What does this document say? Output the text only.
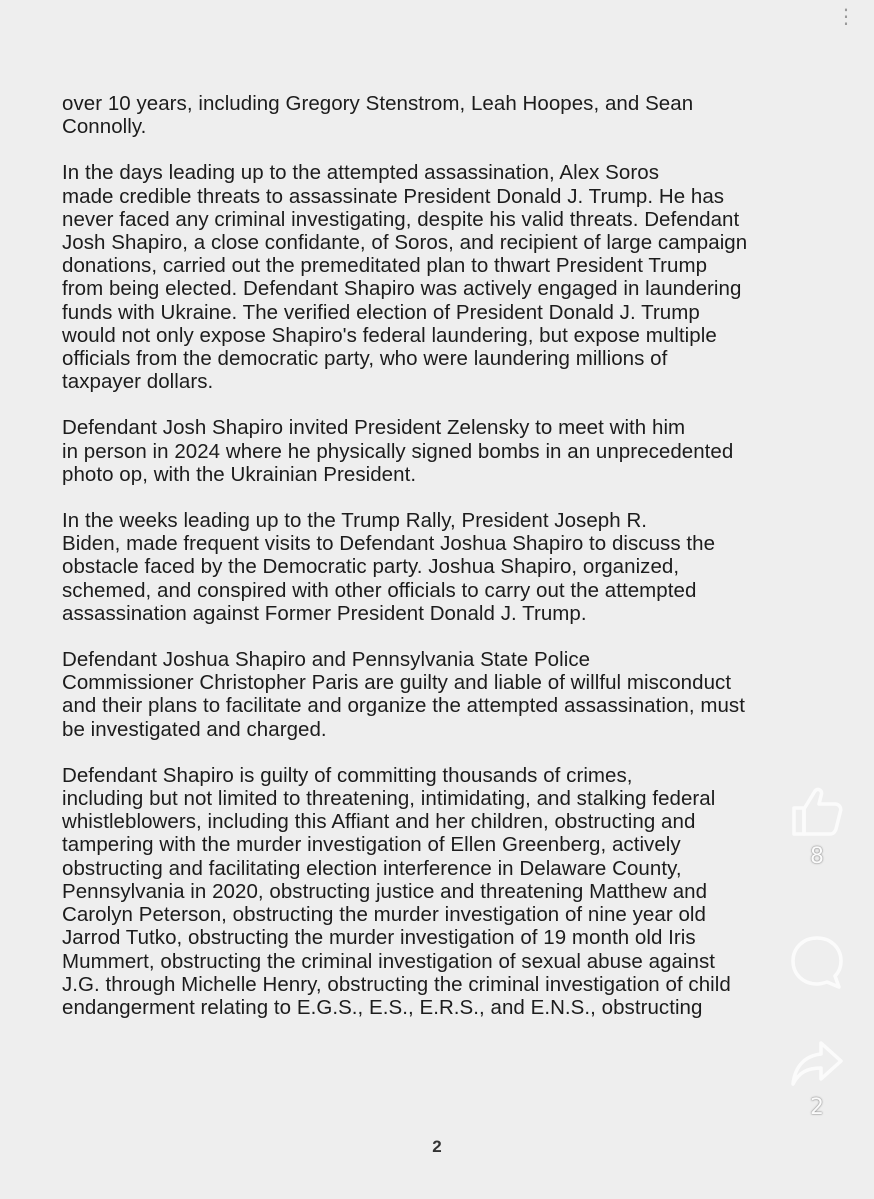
⋮

over 10 years, including Gregory Stenstrom, Leah Hoopes, and Sean
Connolly.

In the days leading up to the attempted assassination, Alex Soros
made credible threats to assassinate President Donald J. Trump. He has
never faced any criminal investigating, despite his valid threats. Defendant
Josh Shapiro, a close confidante, of Soros, and recipient of large campaign
donations, carried out the premeditated plan to thwart President Trump
from being elected. Defendant Shapiro was actively engaged in laundering
funds with Ukraine. The verified election of President Donald J. Trump
would not only expose Shapiro's federal laundering, but expose multiple
officials from the democratic party, who were laundering millions of
taxpayer dollars.

Defendant Josh Shapiro invited President Zelensky to meet with him
in person in 2024 where he physically signed bombs in an unprecedented
photo op, with the Ukrainian President.

In the weeks leading up to the Trump Rally, President Joseph R.
Biden, made frequent visits to Defendant Joshua Shapiro to discuss the
obstacle faced by the Democratic party. Joshua Shapiro, organized,
schemed, and conspired with other officials to carry out the attempted
assassination against Former President Donald J. Trump.

Defendant Joshua Shapiro and Pennsylvania State Police
Commissioner Christopher Paris are guilty and liable of willful misconduct
and their plans to facilitate and organize the attempted assassination, must
be investigated and charged.

Defendant Shapiro is guilty of committing thousands of crimes,
including but not limited to threatening, intimidating, and stalking federal
whistleblowers, including this Affiant and her children, obstructing and
tampering with the murder investigation of Ellen Greenberg, actively
obstructing and facilitating election interference in Delaware County,
Pennsylvania in 2020, obstructing justice and threatening Matthew and
Carolyn Peterson, obstructing the murder investigation of nine year old
Jarrod Tutko, obstructing the murder investigation of 19 month old Iris
Mummert, obstructing the criminal investigation of sexual abuse against
J.G. through Michelle Henry, obstructing the criminal investigation of child
endangerment relating to E.G.S., E.S., E.R.S., and E.N.S., obstructing

2
8
2
